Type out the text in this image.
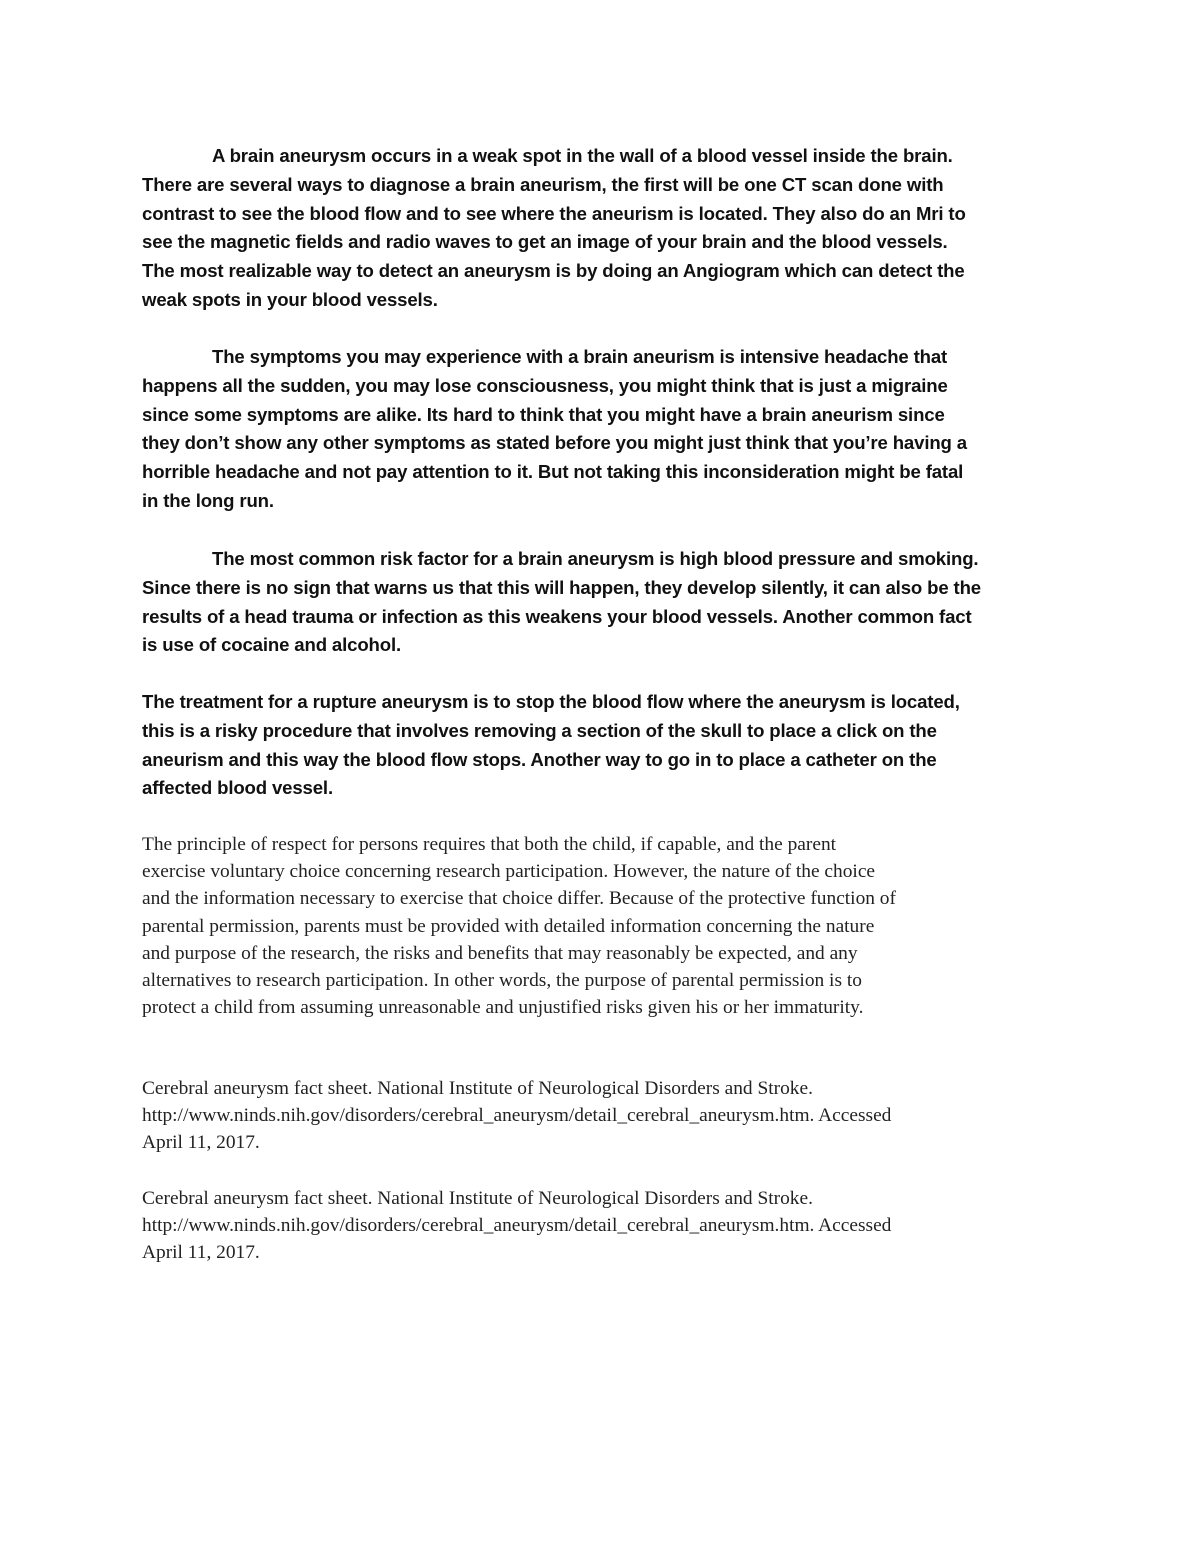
A brain aneurysm occurs in a weak spot in the wall of a blood vessel inside the brain.
There are several ways to diagnose a brain aneurism, the first will be one CT scan done with
contrast to see the blood flow and to see where the aneurism is located. They also do an Mri to
see the magnetic fields and radio waves to get an image of your brain and the blood vessels.
The most realizable way to detect an aneurysm is by doing an Angiogram which can detect the
weak spots in your blood vessels.

The symptoms you may experience with a brain aneurism is intensive headache that
happens all the sudden, you may lose consciousness, you might think that is just a migraine
since some symptoms are alike. Its hard to think that you might have a brain aneurism since
they don’t show any other symptoms as stated before you might just think that you’re having a
horrible headache and not pay attention to it. But not taking this inconsideration might be fatal
in the long run.

The most common risk factor for a brain aneurysm is high blood pressure and smoking.
Since there is no sign that warns us that this will happen, they develop silently, it can also be the
results of a head trauma or infection as this weakens your blood vessels. Another common fact
is use of cocaine and alcohol.

The treatment for a rupture aneurysm is to stop the blood flow where the aneurysm is located,
this is a risky procedure that involves removing a section of the skull to place a click on the
aneurism and this way the blood flow stops. Another way to go in to place a catheter on the
affected blood vessel.

The principle of respect for persons requires that both the child, if capable, and the parent
exercise voluntary choice concerning research participation. However, the nature of the choice
and the information necessary to exercise that choice differ. Because of the protective function of
parental permission, parents must be provided with detailed information concerning the nature
and purpose of the research, the risks and benefits that may reasonably be expected, and any
alternatives to research participation. In other words, the purpose of parental permission is to
protect a child from assuming unreasonable and unjustified risks given his or her immaturity.

Cerebral aneurysm fact sheet. National Institute of Neurological Disorders and Stroke.
http://www.ninds.nih.gov/disorders/cerebral_aneurysm/detail_cerebral_aneurysm.htm. Accessed
April 11, 2017.

Cerebral aneurysm fact sheet. National Institute of Neurological Disorders and Stroke.
http://www.ninds.nih.gov/disorders/cerebral_aneurysm/detail_cerebral_aneurysm.htm. Accessed
April 11, 2017.
